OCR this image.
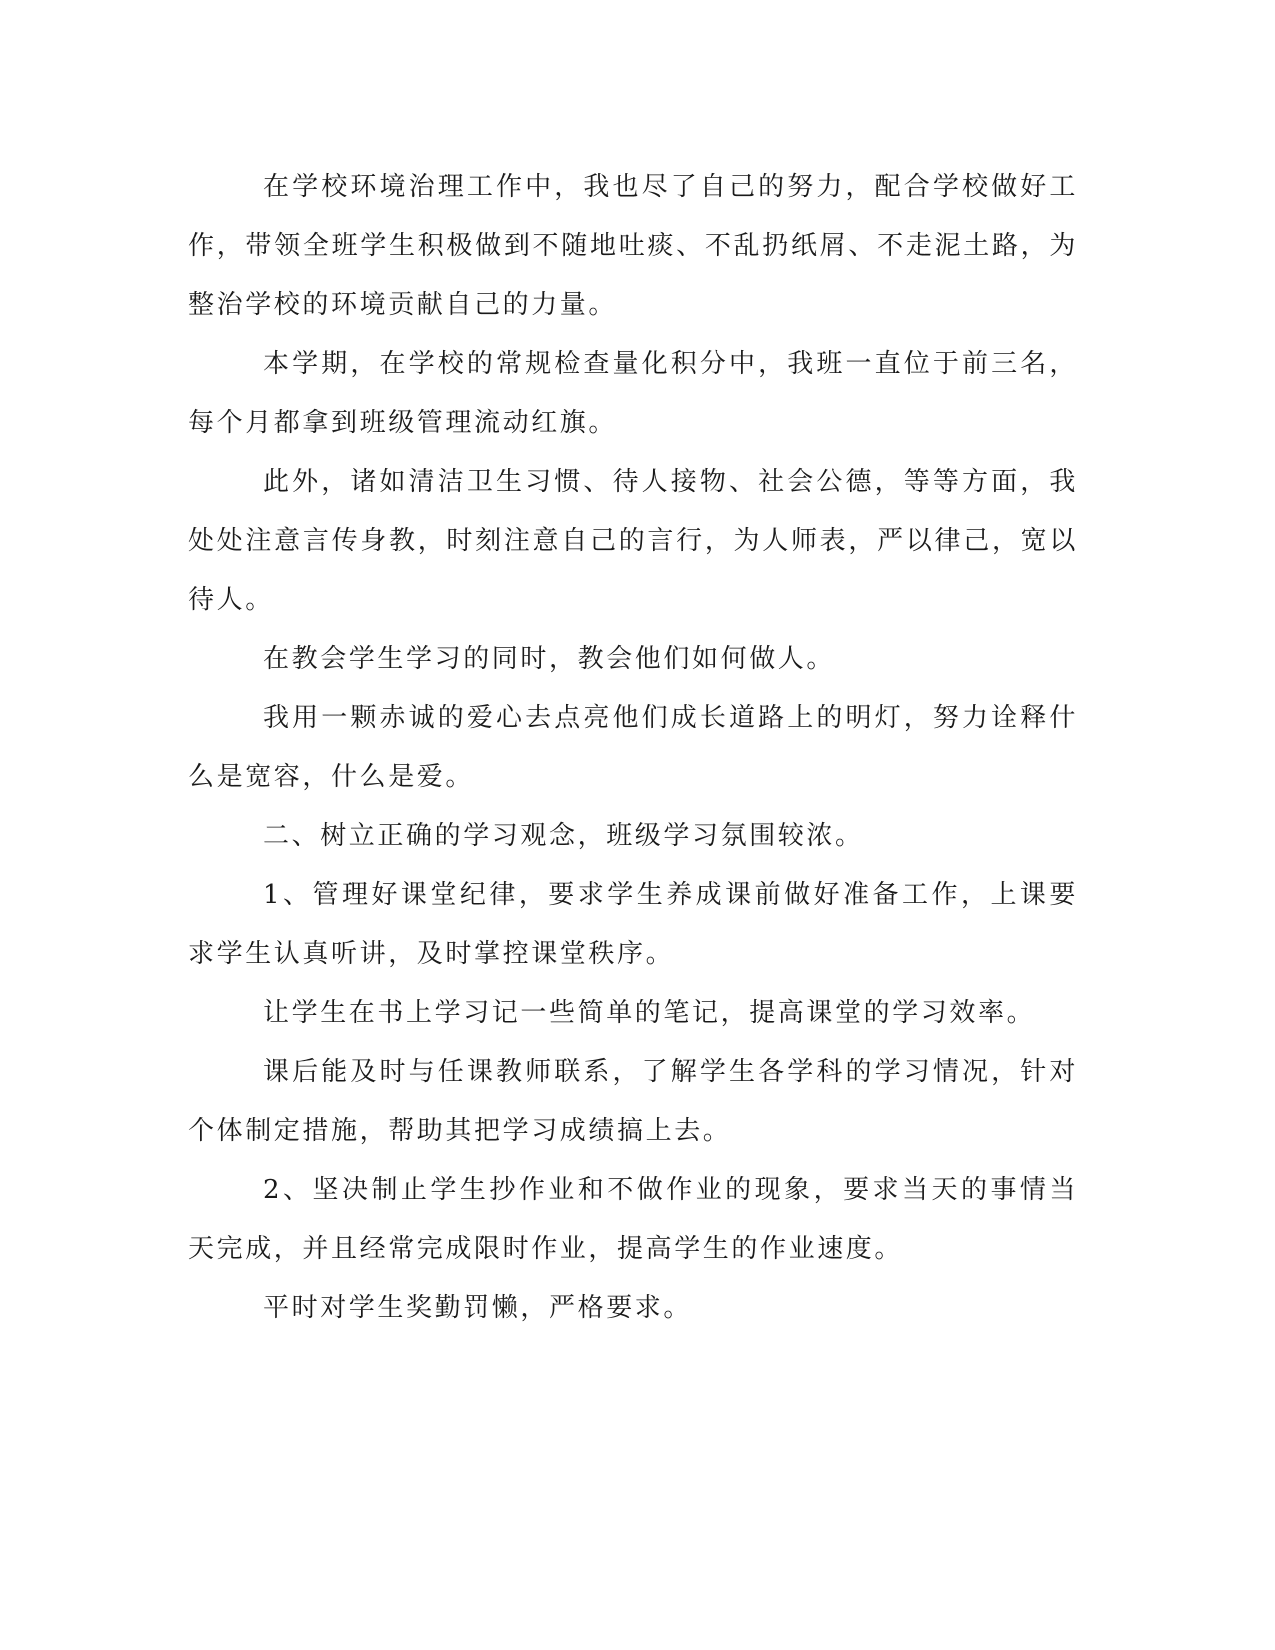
在学校环境治理工作中，我也尽了自己的努力，配合学校做好工作，带领全班学生积极做到不随地吐痰、不乱扔纸屑、不走泥土路，为整治学校的环境贡献自己的力量。

本学期，在学校的常规检查量化积分中，我班一直位于前三名，每个月都拿到班级管理流动红旗。

此外，诸如清洁卫生习惯、待人接物、社会公德，等等方面，我处处注意言传身教，时刻注意自己的言行，为人师表，严以律己，宽以待人。

在教会学生学习的同时，教会他们如何做人。

我用一颗赤诚的爱心去点亮他们成长道路上的明灯，努力诠释什么是宽容，什么是爱。

二、树立正确的学习观念，班级学习氛围较浓。

1、管理好课堂纪律，要求学生养成课前做好准备工作，上课要求学生认真听讲，及时掌控课堂秩序。

让学生在书上学习记一些简单的笔记，提高课堂的学习效率。

课后能及时与任课教师联系，了解学生各学科的学习情况，针对个体制定措施，帮助其把学习成绩搞上去。

2、坚决制止学生抄作业和不做作业的现象，要求当天的事情当天完成，并且经常完成限时作业，提高学生的作业速度。

平时对学生奖勤罚懒，严格要求。
